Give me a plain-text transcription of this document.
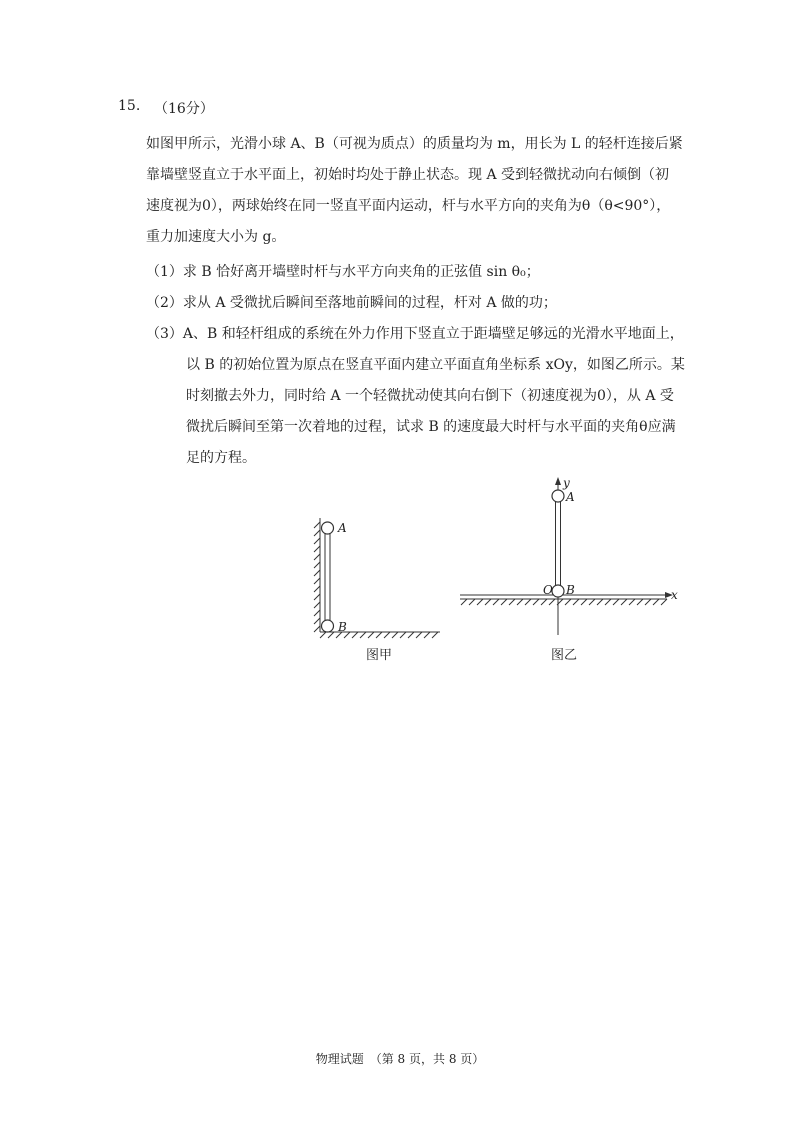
15. （16分）
如图甲所示，光滑小球 A、B（可视为质点）的质量均为 m，用长为 L 的轻杆连接后紧
靠墙壁竖直立于水平面上，初始时均处于静止状态。现 A 受到轻微扰动向右倾倒（初
速度视为0），两球始终在同一竖直平面内运动，杆与水平方向的夹角为θ（θ<90°），
重力加速度大小为 g。
（1）求 B 恰好离开墙壁时杆与水平方向夹角的正弦值 sin θ₀；
（2）求从 A 受微扰后瞬间至落地前瞬间的过程，杆对 A 做的功；
（3）A、B 和轻杆组成的系统在外力作用下竖直立于距墙壁足够远的光滑水平地面上，
以 B 的初始位置为原点在竖直平面内建立平面直角坐标系 xOy，如图乙所示。某
时刻撤去外力，同时给 A 一个轻微扰动使其向右倒下（初速度视为0），从 A 受
微扰后瞬间至第一次着地的过程，试求 B 的速度最大时杆与水平面的夹角θ应满
足的方程。
A
B
图甲
y
A
O B	x
图乙
物理试题　（第 8 页，共 8 页）
